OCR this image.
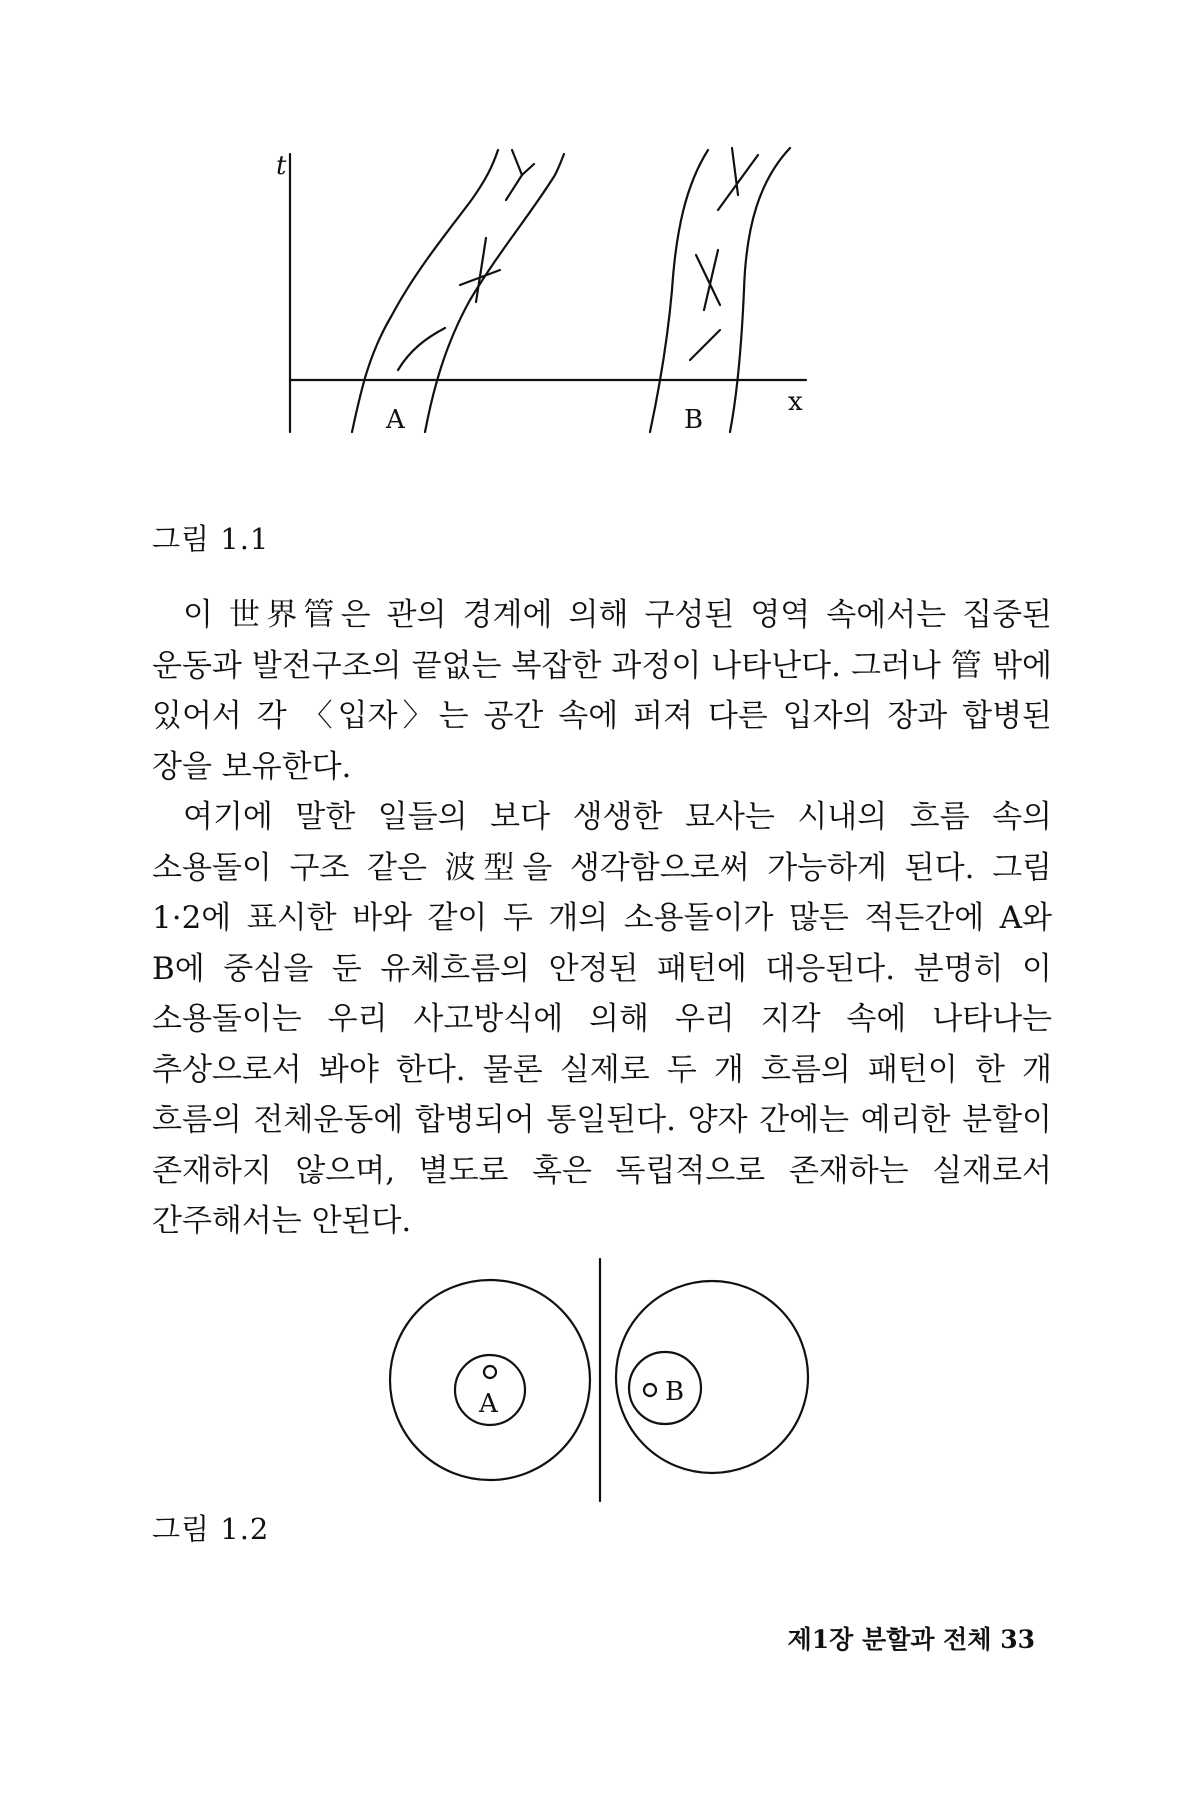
t
x
A	B
그림 1.1

이 世界管은 관의 경계에 의해 구성된 영역 속에서는 집중된 운동과 발전구조의 끝없는 복잡한 과정이 나타난다. 그러나 管 밖에 있어서 각 〈입자〉는 공간 속에 퍼져 다른 입자의 장과 합병된 장을 보유한다.

여기에 말한 일들의 보다 생생한 묘사는 시내의 흐름 속의 소용돌이 구조 같은 波型을 생각함으로써 가능하게 된다. 그림 1·2에 표시한 바와 같이 두 개의 소용돌이가 많든 적든간에 A와 B에 중심을 둔 유체흐름의 안정된 패턴에 대응된다. 분명히 이 소용돌이는 우리 사고방식에 의해 우리 지각 속에 나타나는 추상으로서 봐야 한다. 물론 실제로 두 개 흐름의 패턴이 한 개 흐름의 전체운동에 합병되어 통일된다. 양자 간에는 예리한 분할이 존재하지 않으며, 별도로 혹은 독립적으로 존재하는 실재로서 간주해서는 안된다.

A	B
그림 1.2
제1장 분할과 전체 33
